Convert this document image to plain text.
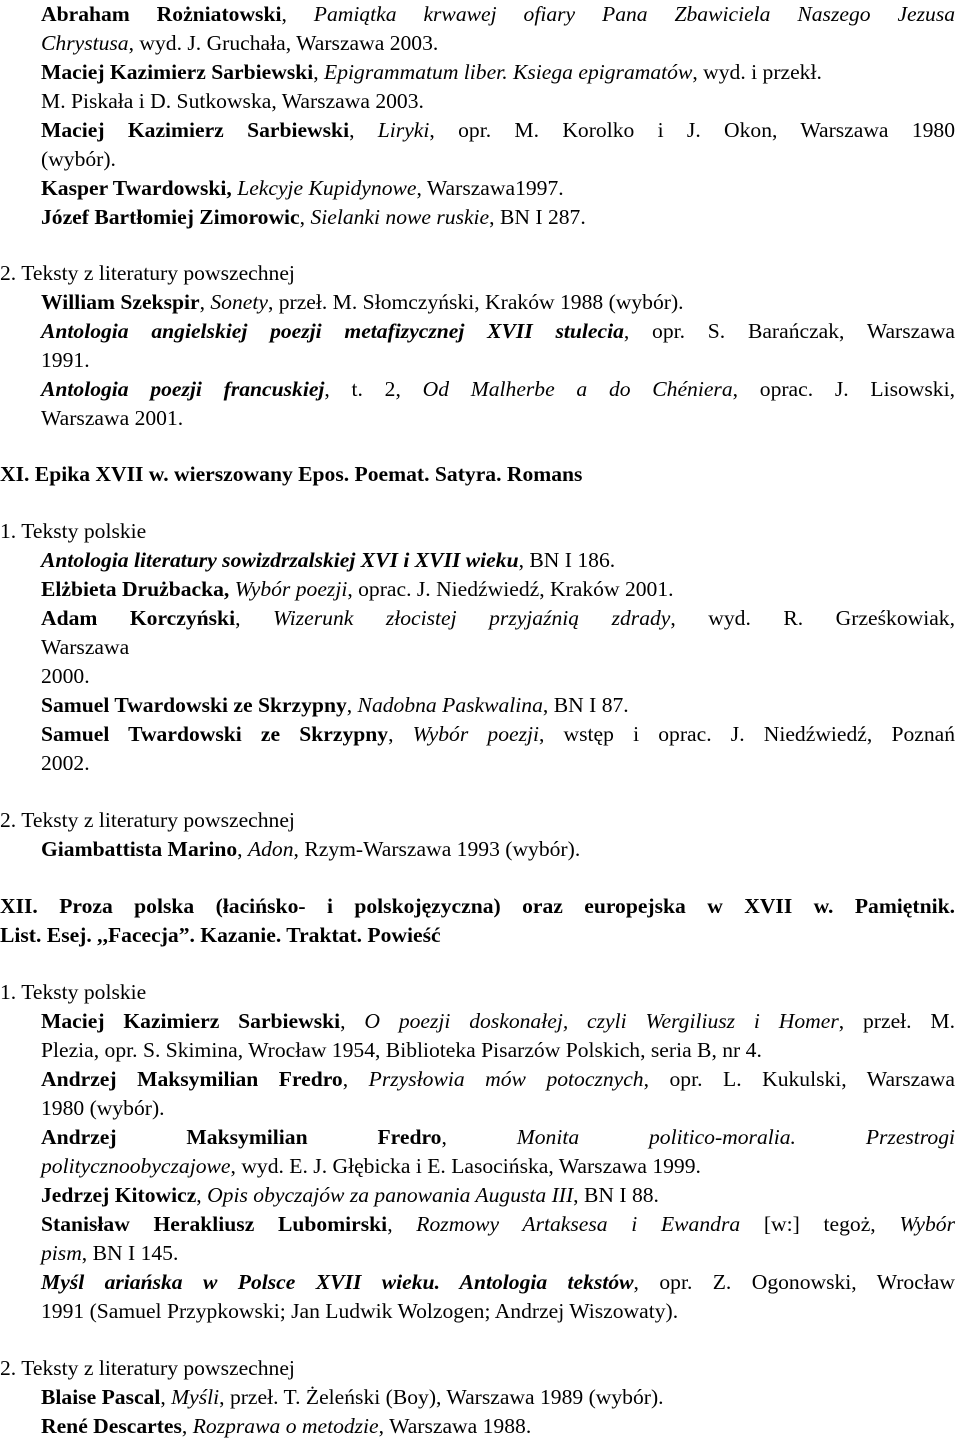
Abraham Rożniatowski, Pamiątka krwawej ofiary Pana Zbawiciela Naszego Jezusa
Chrystusa, wyd. J. Gruchała, Warszawa 2003.
Maciej Kazimierz Sarbiewski, Epigrammatum liber. Ksiega epigramatów, wyd. i przekł.
M. Piskała i D. Sutkowska, Warszawa 2003.
Maciej Kazimierz Sarbiewski, Liryki, opr. M. Korolko i J. Okon, Warszawa 1980
(wybór).
Kasper Twardowski, Lekcyje Kupidynowe, Warszawa1997.
Józef Bartłomiej Zimorowic, Sielanki nowe ruskie, BN I 287.
2. Teksty z literatury powszechnej
William Szekspir, Sonety, przeł. M. Słomczyński, Kraków 1988 (wybór).
Antologia angielskiej poezji metafizycznej XVII stulecia, opr. S. Barańczak, Warszawa
1991.
Antologia poezji francuskiej, t. 2, Od Malherbe a do Chéniera, oprac. J. Lisowski,
Warszawa 2001.
XI. Epika XVII w. wierszowany Epos. Poemat. Satyra. Romans
1. Teksty polskie
Antologia literatury sowizdrzalskiej XVI i XVII wieku, BN I 186.
Elżbieta Drużbacka, Wybór poezji, oprac. J. Niedźwiedź, Kraków 2001.
Adam Korczyński, Wizerunk złocistej przyjaźnią zdrady, wyd. R. Grześkowiak,
Warszawa
2000.
Samuel Twardowski ze Skrzypny, Nadobna Paskwalina, BN I 87.
Samuel Twardowski ze Skrzypny, Wybór poezji, wstęp i oprac. J. Niedźwiedź, Poznań
2002.
2. Teksty z literatury powszechnej
Giambattista Marino, Adon, Rzym-Warszawa 1993 (wybór).
XII. Proza polska (łacińsko- i polskojęzyczna) oraz europejska w XVII w. Pamiętnik.
List. Esej. ,,Facecja”. Kazanie. Traktat. Powieść
1. Teksty polskie
Maciej Kazimierz Sarbiewski, O poezji doskonałej, czyli Wergiliusz i Homer, przeł. M.
Plezia, opr. S. Skimina, Wrocław 1954, Biblioteka Pisarzów Polskich, seria B, nr 4.
Andrzej Maksymilian Fredro, Przysłowia mów potocznych, opr. L. Kukulski, Warszawa
1980 (wybór).
Andrzej Maksymilian Fredro, Monita politico-moralia. Przestrogi
politycznoobyczajowe, wyd. E. J. Głębicka i E. Lasocińska, Warszawa 1999.
Jedrzej Kitowicz, Opis obyczajów za panowania Augusta III, BN I 88.
Stanisław Herakliusz Lubomirski, Rozmowy Artaksesa i Ewandra [w:] tegoż, Wybór
pism, BN I 145.
Myśl ariańska w Polsce XVII wieku. Antologia tekstów, opr. Z. Ogonowski, Wrocław
1991 (Samuel Przypkowski; Jan Ludwik Wolzogen; Andrzej Wiszowaty).
2. Teksty z literatury powszechnej
Blaise Pascal, Myśli, przeł. T. Żeleński (Boy), Warszawa 1989 (wybór).
René Descartes, Rozprawa o metodzie, Warszawa 1988.
